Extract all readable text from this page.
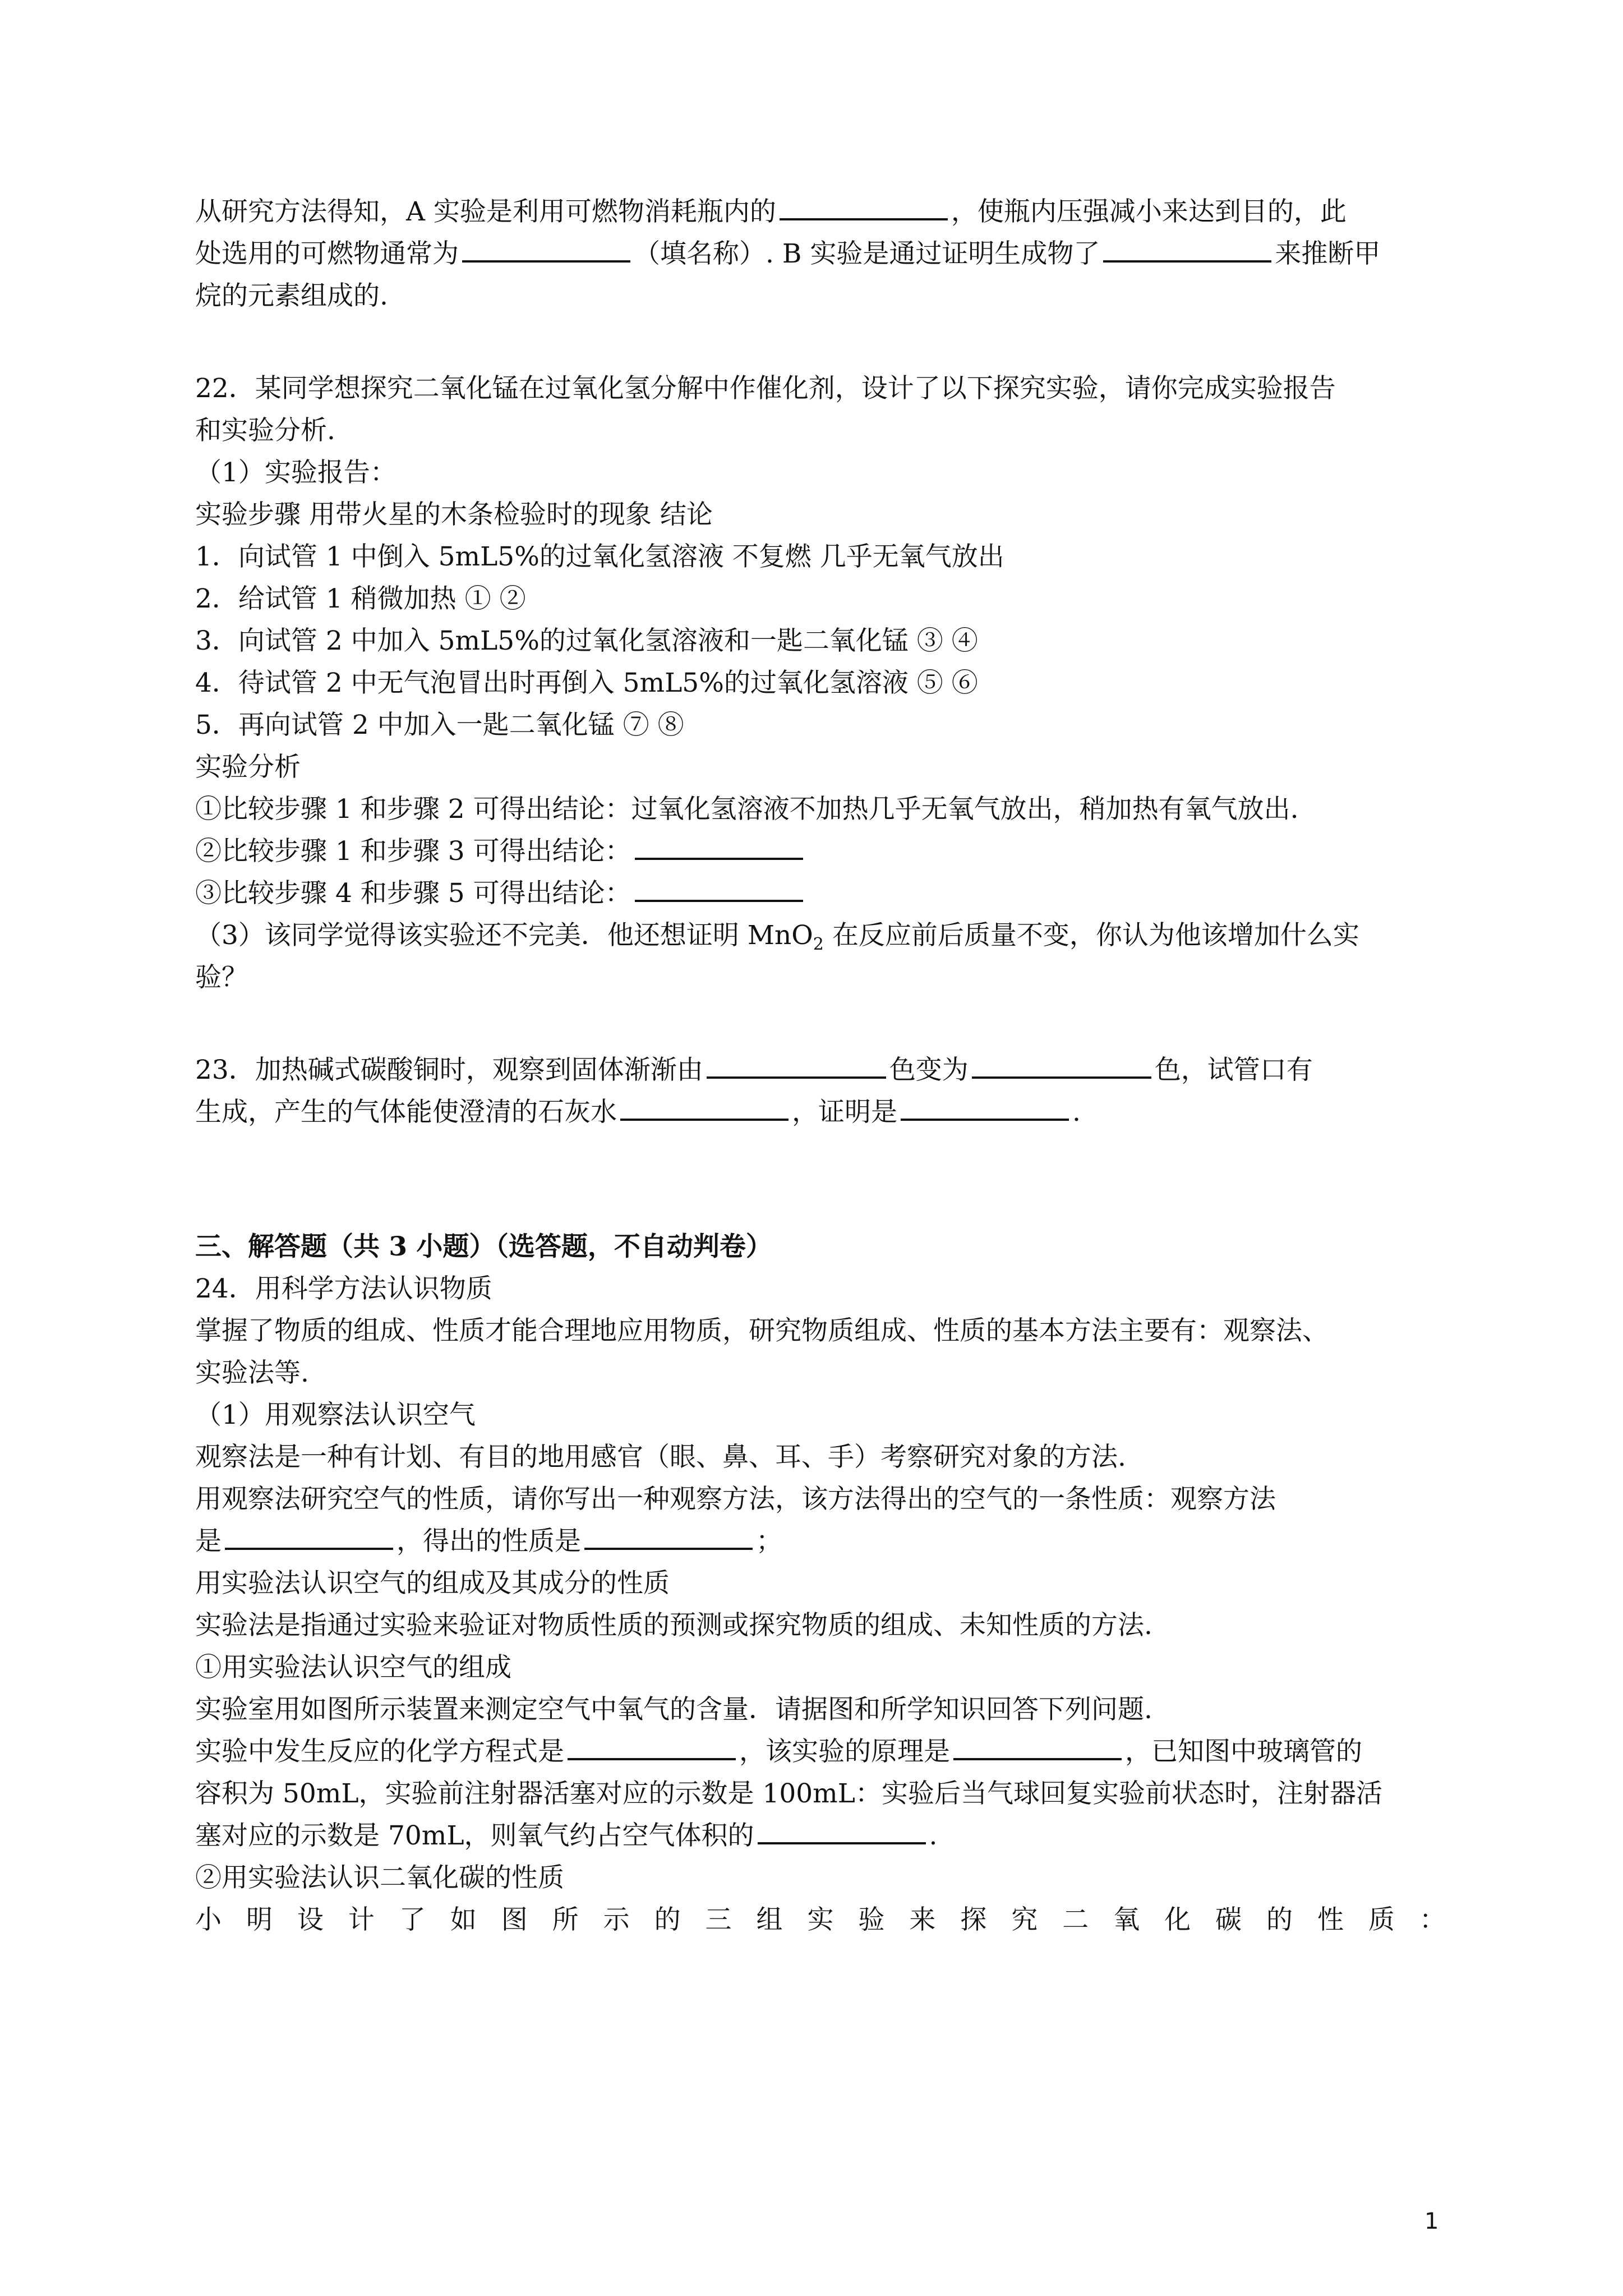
从研究方法得知，A 实验是利用可燃物消耗瓶内的	，使瓶内压强减小来达到目的，此
处选用的可燃物通常为	（填名称）. B 实验是通过证明生成物了	来推断甲
烷的元素组成的.
22．某同学想探究二氧化锰在过氧化氢分解中作催化剂，设计了以下探究实验，请你完成实验报告
和实验分析.
（1）实验报告：
实验步骤 用带火星的木条检验时的现象 结论
1．向试管 1 中倒入 5mL5%的过氧化氢溶液 不复燃 几乎无氧气放出
2．给试管 1 稍微加热 ① ②
3．向试管 2 中加入 5mL5%的过氧化氢溶液和一匙二氧化锰 ③ ④
4．待试管 2 中无气泡冒出时再倒入 5mL5%的过氧化氢溶液 ⑤ ⑥
5．再向试管 2 中加入一匙二氧化锰 ⑦ ⑧
实验分析
①比较步骤 1 和步骤 2 可得出结论：过氧化氢溶液不加热几乎无氧气放出，稍加热有氧气放出.
②比较步骤 1 和步骤 3 可得出结论：
③比较步骤 4 和步骤 5 可得出结论：
（3）该同学觉得该实验还不完美．他还想证明 MnO$_2$ 在反应前后质量不变，你认为他该增加什么实
验？
23．加热碱式碳酸铜时，观察到固体渐渐由	色变为	色，试管口有
生成，产生的气体能使澄清的石灰水	，证明是	.
三、解答题（共 3 小题）（选答题，不自动判卷）
24．用科学方法认识物质
掌握了物质的组成、性质才能合理地应用物质，研究物质组成、性质的基本方法主要有：观察法、
实验法等.
（1）用观察法认识空气
观察法是一种有计划、有目的地用感官（眼、鼻、耳、手）考察研究对象的方法.
用观察法研究空气的性质，请你写出一种观察方法，该方法得出的空气的一条性质：观察方法
是	，得出的性质是	；
用实验法认识空气的组成及其成分的性质
实验法是指通过实验来验证对物质性质的预测或探究物质的组成、未知性质的方法.
①用实验法认识空气的组成
实验室用如图所示装置来测定空气中氧气的含量．请据图和所学知识回答下列问题.
实验中发生反应的化学方程式是	，该实验的原理是	，已知图中玻璃管的
容积为 50mL，实验前注射器活塞对应的示数是 100mL：实验后当气球回复实验前状态时，注射器活
塞对应的示数是 70mL，则氧气约占空气体积的	.
②用实验法认识二氧化碳的性质
小 明 设 计 了 如 图 所 示 的 三 组 实 验 来 探 究 二 氧 化 碳 的 性 质 ：
1
